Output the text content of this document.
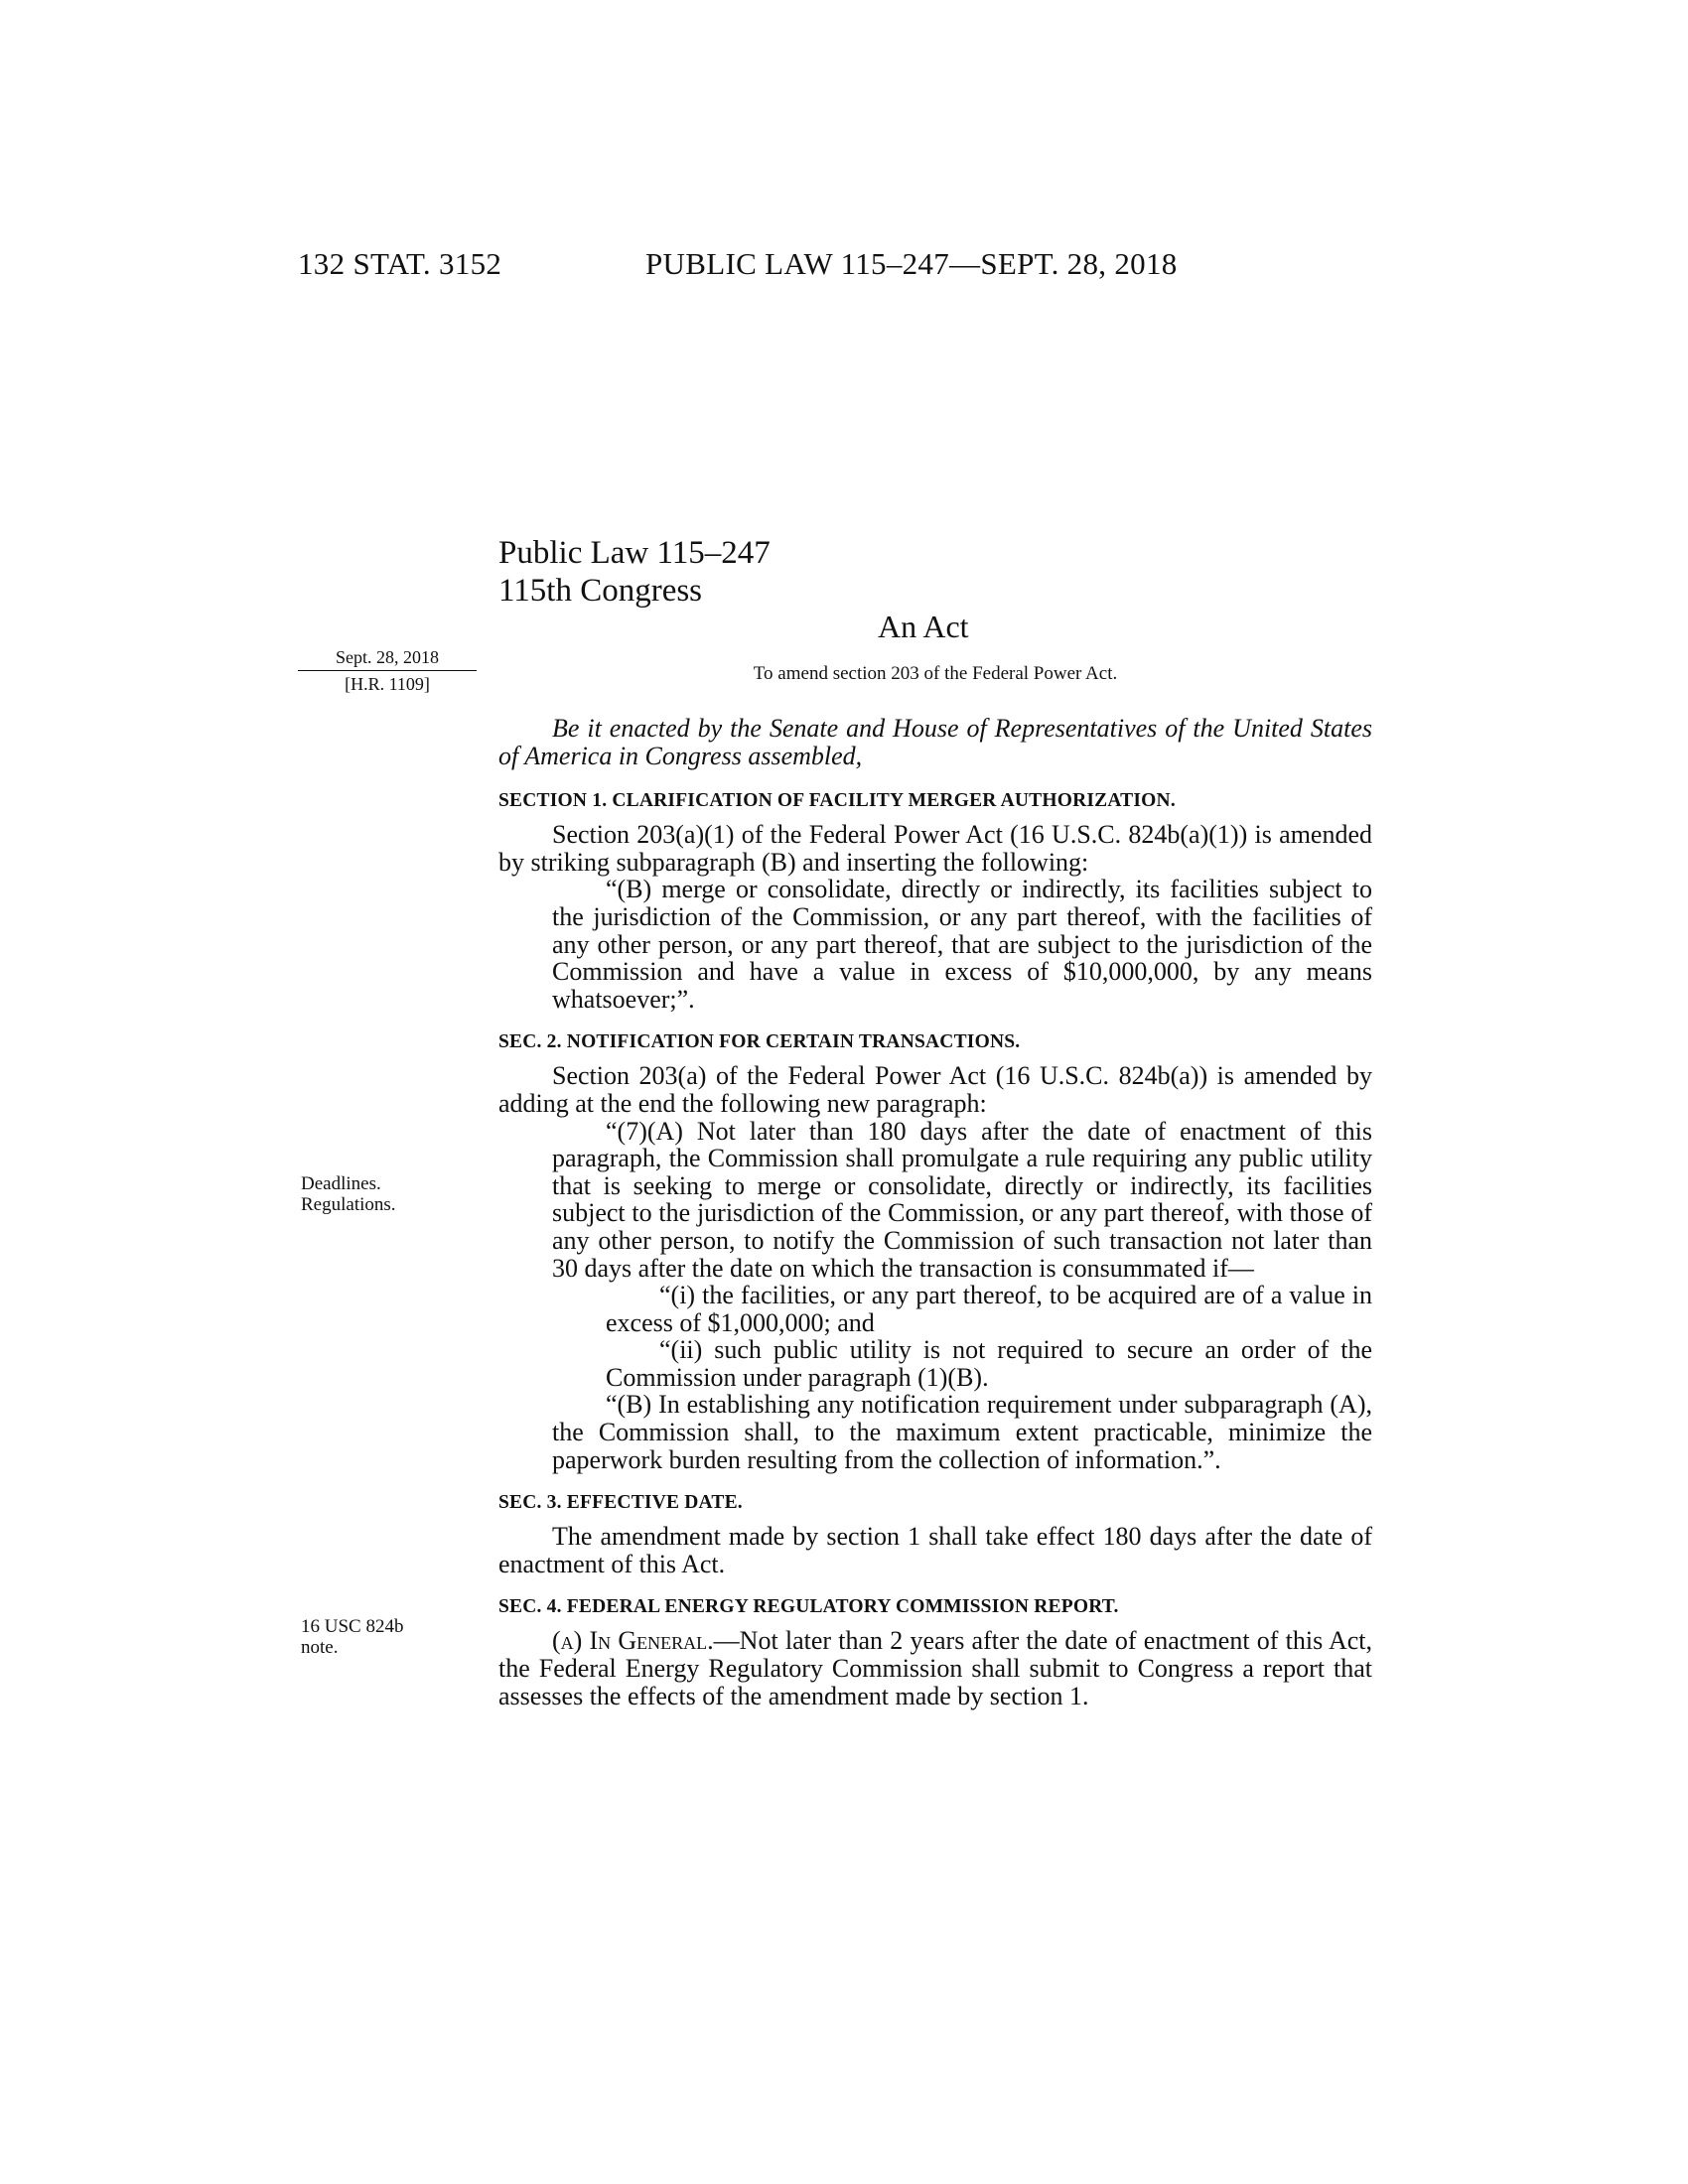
132 STAT. 3152	PUBLIC LAW 115–247—SEPT. 28, 2018
Public Law 115–247
115th Congress
An Act
Sept. 28, 2018
[H.R. 1109]	To amend section 203 of the Federal Power Act.
Deadlines.
Regulations.
16 USC 824b
note.

Be it enacted by the Senate and House of Representatives of the United States of America in Congress assembled,

SECTION 1. CLARIFICATION OF FACILITY MERGER AUTHORIZATION.

Section 203(a)(1) of the Federal Power Act (16 U.S.C. 824b(a)(1)) is amended by striking subparagraph (B) and inserting the following:

“(B) merge or consolidate, directly or indirectly, its facilities subject to the jurisdiction of the Commission, or any part thereof, with the facilities of any other person, or any part thereof, that are subject to the jurisdiction of the Commission and have a value in excess of $10,000,000, by any means whatsoever;”.

SEC. 2. NOTIFICATION FOR CERTAIN TRANSACTIONS.

Section 203(a) of the Federal Power Act (16 U.S.C. 824b(a)) is amended by adding at the end the following new paragraph:

“(7)(A) Not later than 180 days after the date of enactment of this paragraph, the Commission shall promulgate a rule requiring any public utility that is seeking to merge or consolidate, directly or indirectly, its facilities subject to the jurisdiction of the Commission, or any part thereof, with those of any other person, to notify the Commission of such transaction not later than 30 days after the date on which the transaction is consummated if—

“(i) the facilities, or any part thereof, to be acquired are of a value in excess of $1,000,000; and

“(ii) such public utility is not required to secure an order of the Commission under paragraph (1)(B).

“(B) In establishing any notification requirement under subparagraph (A), the Commission shall, to the maximum extent practicable, minimize the paperwork burden resulting from the collection of information.”.

SEC. 3. EFFECTIVE DATE.

The amendment made by section 1 shall take effect 180 days after the date of enactment of this Act.

SEC. 4. FEDERAL ENERGY REGULATORY COMMISSION REPORT.

(a) In General.—Not later than 2 years after the date of enactment of this Act, the Federal Energy Regulatory Commission shall submit to Congress a report that assesses the effects of the amendment made by section 1.
